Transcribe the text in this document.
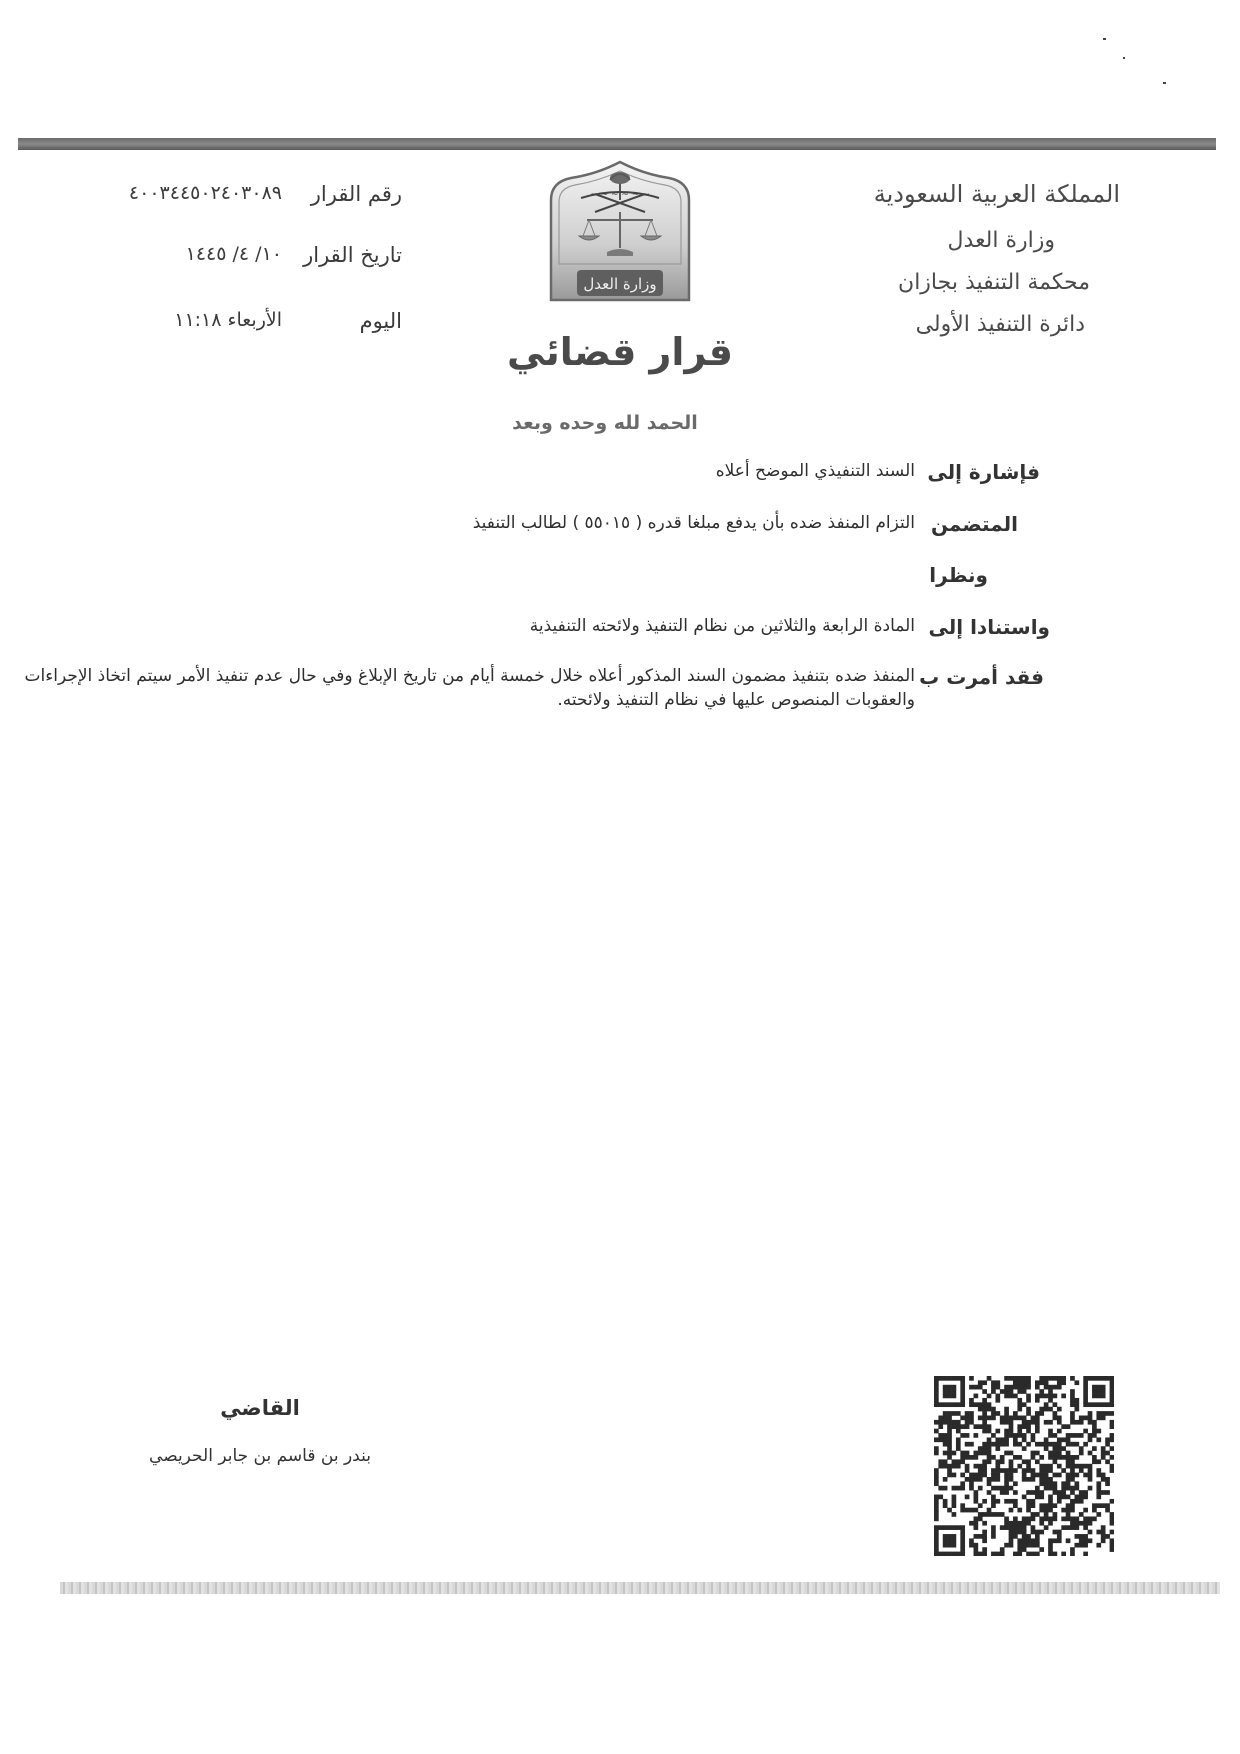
المملكة العربية السعودية
وزارة العدل
محكمة التنفيذ بجازان
دائرة التنفيذ الأولى
~ ~ ~ ~ ~ ~
وزارة العدل
رقم القرار
٤٠٠٣٤٤٥٠٢٤٠٣٠٨٩
تاريخ القرار
١٠/ ٤/ ١٤٤٥
اليوم
الأربعاء ١١:١٨
قرار قضائي
الحمد لله وحده وبعد
فإشارة إلى
السند التنفيذي الموضح أعلاه
المتضمن
التزام المنفذ ضده بأن يدفع مبلغا قدره ( ٥٥٠١٥ ) لطالب التنفيذ
ونظرا
واستنادا إلى
المادة الرابعة والثلاثين من نظام التنفيذ ولائحته التنفيذية
فقد أمرت ب
المنفذ ضده بتنفيذ مضمون السند المذكور أعلاه خلال خمسة أيام من تاريخ الإبلاغ وفي حال عدم تنفيذ الأمر سيتم اتخاذ الإجراءات
والعقوبات المنصوص عليها في نظام التنفيذ ولائحته.
القاضي
بندر بن قاسم بن جابر الحريصي
